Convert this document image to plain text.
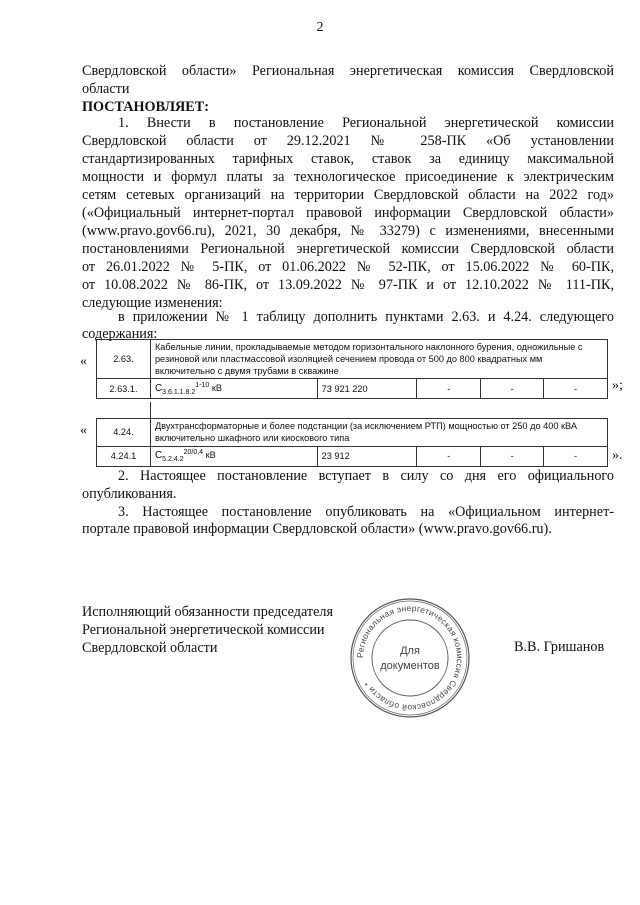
2
Свердловской области» Региональная энергетическая комиссия Свердловской
области
ПОСТАНОВЛЯЕТ:
1. Внести в постановление Региональной энергетической комиссии
Свердловской области от 29.12.2021 № 258-ПК «Об установлении
стандартизированных тарифных ставок, ставок за единицу максимальной
мощности и формул платы за технологическое присоединение к электрическим
сетям сетевых организаций на территории Свердловской области на 2022 год»
(«Официальный интернет-портал правовой информации Свердловской области»
(www.pravo.gov66.ru), 2021, 30 декабря, № 33279) с изменениями, внесенными
постановлениями Региональной энергетической комиссии Свердловской области
от 26.01.2022 № 5-ПК, от 01.06.2022 № 52-ПК, от 15.06.2022 № 60-ПК,
от 10.08.2022 № 86-ПК, от 13.09.2022 № 97-ПК и от 12.10.2022 № 111-ПК,
следующие изменения:
в приложении № 1 таблицу дополнить пунктами 2.63. и 4.24. следующего
содержания:
«	2.63.	Кабельные линии, прокладываемые методом горизонтального наклонного бурения, одножильные с резиновой или пластмассовой изоляцией сечением провода от 500 до 800 квадратных мм включительно с двумя трубами в скважине				
2.63.1.	$С_{3.6.1.1.8.2}^{1-10}$ кВ	73 921 220	-	-	- »;
«
		4.24.	Двухтрансформаторные и более подстанции (за исключением РТП) мощностью от 250 до 400 кВА включительно шкафного или киоскового типа				
4.24.1	$С_{5.2.4.2}^{20/0,4}$ кВ	23 912	-	-	- ».
2. Настоящее постановление вступает в силу со дня его официального
опубликования.
3. Настоящее постановление опубликовать на «Официальном интернет-
портале правовой информации Свердловской области» (www.pravo.gov66.ru).
Исполняющий обязанности председателя
Региональной энергетической комиссии
Свердловской области	В.В. Гришанов
Региональная энергетическая комиссия Свердловской области *
Для
документов
